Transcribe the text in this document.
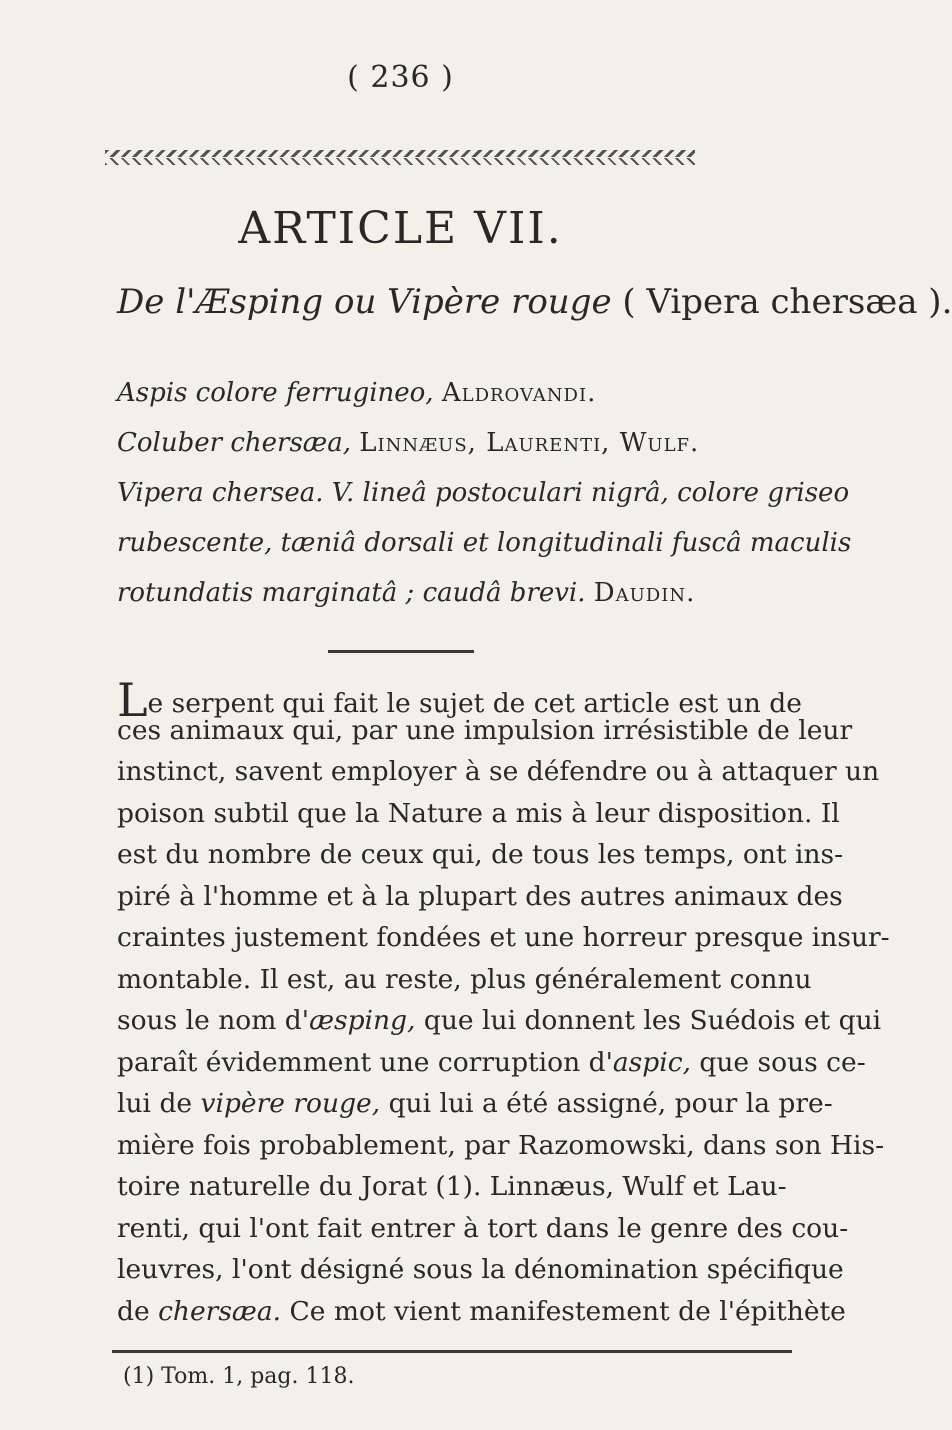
( 236 )
ARTICLE VII.
De l'Æsping ou Vipère rouge ( Vipera chersæa ).
Aspis colore ferrugineo, Aldrovandi.
Coluber chersæa, Linnæus, Laurenti, Wulf.
Vipera chersea. V. lineâ postoculari nigrâ, colore griseo
rubescente, tæniâ dorsali et longitudinali fuscâ maculis
rotundatis marginatâ ; caudâ brevi. Daudin.
Le serpent qui fait le sujet de cet article est un de
ces animaux qui, par une impulsion irrésistible de leur
instinct, savent employer à se défendre ou à attaquer un
poison subtil que la Nature a mis à leur disposition. Il
est du nombre de ceux qui, de tous les temps, ont ins-
piré à l'homme et à la plupart des autres animaux des
craintes justement fondées et une horreur presque insur-
montable. Il est, au reste, plus généralement connu
sous le nom d'æsping, que lui donnent les Suédois et qui
paraît évidemment une corruption d'aspic, que sous ce-
lui de vipère rouge, qui lui a été assigné, pour la pre-
mière fois probablement, par Razomowski, dans son His-
toire naturelle du Jorat (1). Linnæus, Wulf et Lau-
renti, qui l'ont fait entrer à tort dans le genre des cou-
leuvres, l'ont désigné sous la dénomination spécifique
de chersæa. Ce mot vient manifestement de l'épithète
(1) Tom. 1, pag. 118.
